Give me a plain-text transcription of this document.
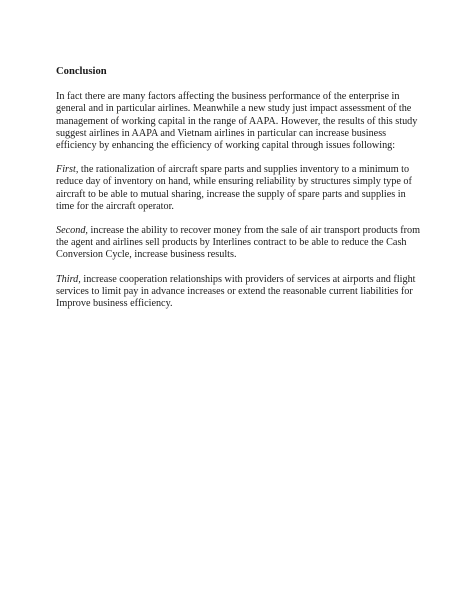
Conclusion

In fact there are many factors affecting the business performance of the enterprise in general and in particular airlines. Meanwhile a new study just impact assessment of the management of working capital in the range of AAPA. However, the results of this study suggest airlines in AAPA and Vietnam airlines in particular can increase business efficiency by enhancing the efficiency of working capital through issues following:

First, the rationalization of aircraft spare parts and supplies inventory to a minimum to reduce day of inventory on hand, while ensuring reliability by structures simply type of aircraft to be able to mutual sharing, increase the supply of spare parts and supplies in time for the aircraft operator.

Second, increase the ability to recover money from the sale of air transport products from the agent and airlines sell products by Interlines contract to be able to reduce the Cash Conversion Cycle, increase business results.

Third, increase cooperation relationships with providers of services at airports and flight services to limit pay in advance increases or extend the reasonable current liabilities for Improve business efficiency.
